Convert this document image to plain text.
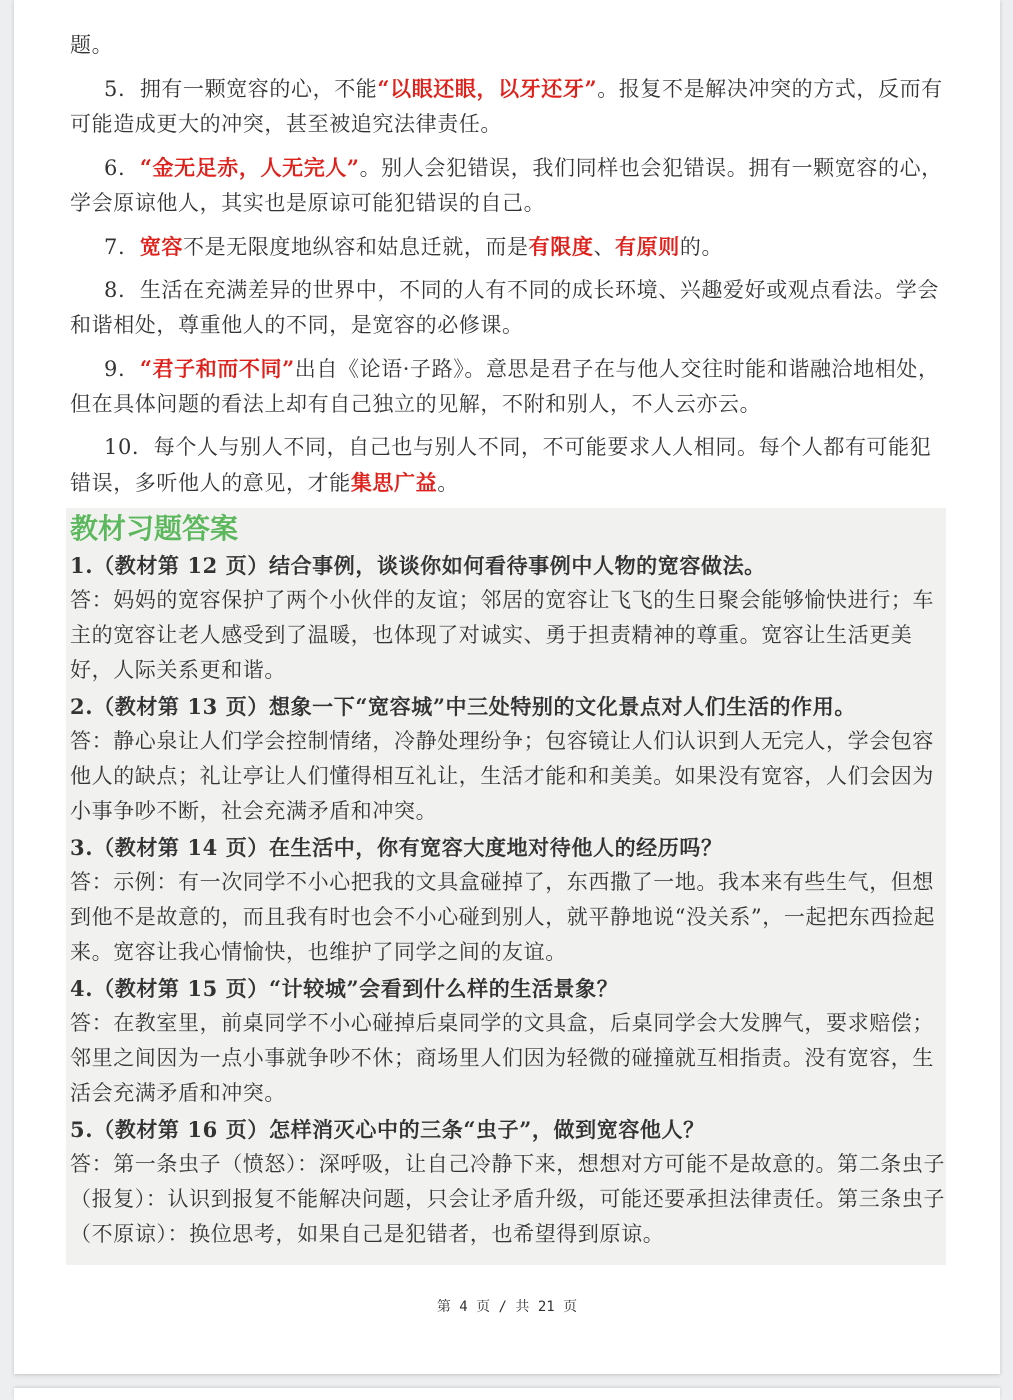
题。

5. 拥有一颗宽容的心，不能“以眼还眼，以牙还牙”。报复不是解决冲突的方式，反而有可能造成更大的冲突，甚至被追究法律责任。

6. “金无足赤，人无完人”。别人会犯错误，我们同样也会犯错误。拥有一颗宽容的心，学会原谅他人，其实也是原谅可能犯错误的自己。

7. 宽容不是无限度地纵容和姑息迁就，而是有限度、有原则的。

8. 生活在充满差异的世界中，不同的人有不同的成长环境、兴趣爱好或观点看法。学会和谐相处，尊重他人的不同，是宽容的必修课。

9. “君子和而不同”出自《论语·子路》。意思是君子在与他人交往时能和谐融洽地相处，但在具体问题的看法上却有自己独立的见解，不附和别人，不人云亦云。

10. 每个人与别人不同，自己也与别人不同，不可能要求人人相同。每个人都有可能犯错误，多听他人的意见，才能集思广益。

教材习题答案
1.（教材第 12 页）结合事例，谈谈你如何看待事例中人物的宽容做法。
答：妈妈的宽容保护了两个小伙伴的友谊；邻居的宽容让飞飞的生日聚会能够愉快进行；车主的宽容让老人感受到了温暖，也体现了对诚实、勇于担责精神的尊重。宽容让生活更美好，人际关系更和谐。
2.（教材第 13 页）想象一下“宽容城”中三处特别的文化景点对人们生活的作用。
答：静心泉让人们学会控制情绪，冷静处理纷争；包容镜让人们认识到人无完人，学会包容他人的缺点；礼让亭让人们懂得相互礼让，生活才能和和美美。如果没有宽容，人们会因为小事争吵不断，社会充满矛盾和冲突。
3.（教材第 14 页）在生活中，你有宽容大度地对待他人的经历吗？
答：示例：有一次同学不小心把我的文具盒碰掉了，东西撒了一地。我本来有些生气，但想到他不是故意的，而且我有时也会不小心碰到别人，就平静地说“没关系”，一起把东西捡起来。宽容让我心情愉快，也维护了同学之间的友谊。
4.（教材第 15 页）“计较城”会看到什么样的生活景象？
答：在教室里，前桌同学不小心碰掉后桌同学的文具盒，后桌同学会大发脾气，要求赔偿；邻里之间因为一点小事就争吵不休；商场里人们因为轻微的碰撞就互相指责。没有宽容，生活会充满矛盾和冲突。
5.（教材第 16 页）怎样消灭心中的三条“虫子”，做到宽容他人？
答：第一条虫子（愤怒）：深呼吸，让自己冷静下来，想想对方可能不是故意的。第二条虫子（报复）：认识到报复不能解决问题，只会让矛盾升级，可能还要承担法律责任。第三条虫子（不原谅）：换位思考，如果自己是犯错者，也希望得到原谅。
第 4 页 / 共 21 页
